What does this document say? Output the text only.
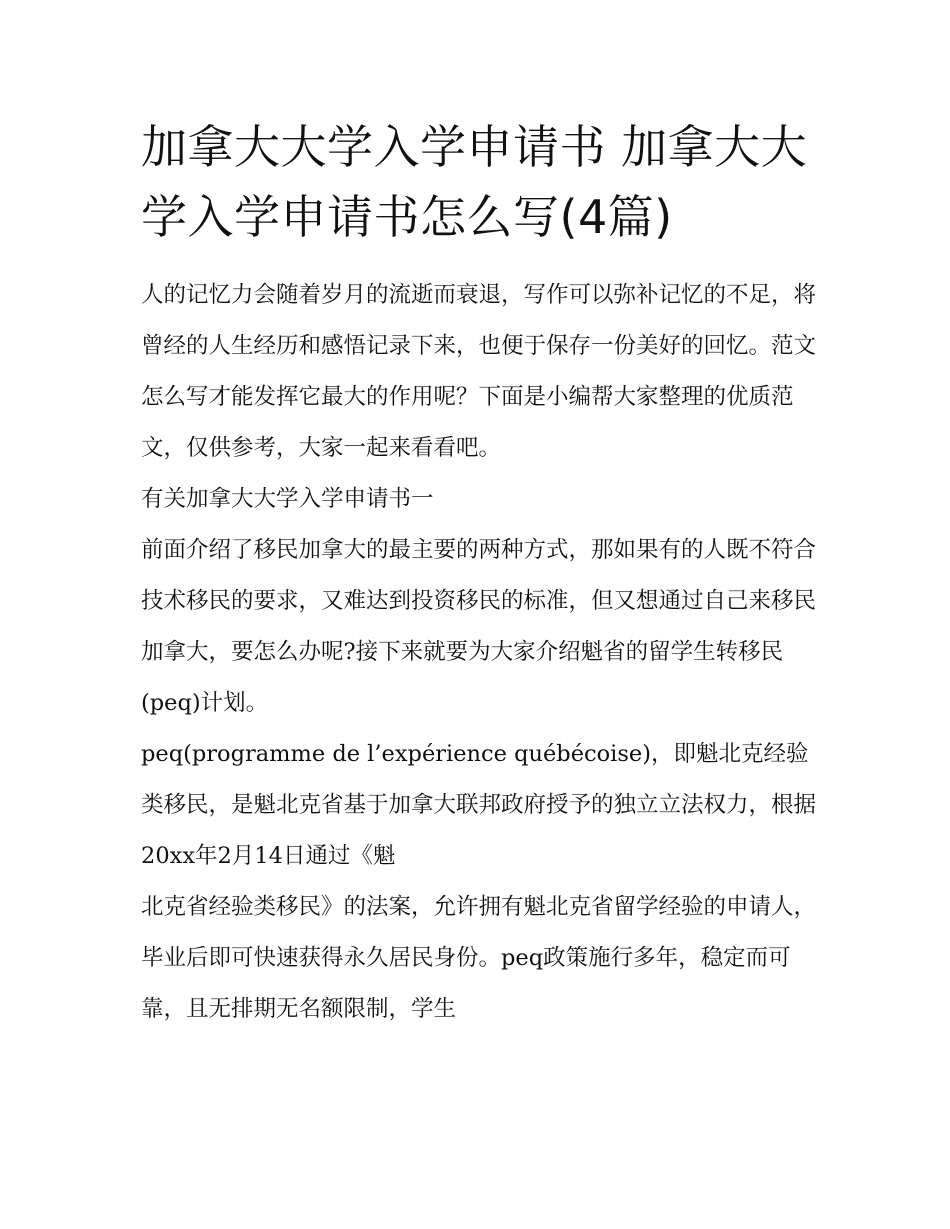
加拿大大学入学申请书 加拿大大学入学申请书怎么写(4篇)

人的记忆力会随着岁月的流逝而衰退，写作可以弥补记忆的不足，将曾经的人生经历和感悟记录下来，也便于保存一份美好的回忆。范文怎么写才能发挥它最大的作用呢？下面是小编帮大家整理的优质范文，仅供参考，大家一起来看看吧。

有关加拿大大学入学申请书一

前面介绍了移民加拿大的最主要的两种方式，那如果有的人既不符合技术移民的要求，又难达到投资移民的标准，但又想通过自己来移民加拿大，要怎么办呢?接下来就要为大家介绍魁省的留学生转移民(peq)计划。

peq(programme de l’expérience québécoise)，即魁北克经验类移民，是魁北克省基于加拿大联邦政府授予的独立立法权力，根据

20xx年2月14日通过《魁

北克省经验类移民》的法案，允许拥有魁北克省留学经验的申请人，毕业后即可快速获得永久居民身份。peq政策施行多年，稳定而可靠，且无排期无名额限制，学生
